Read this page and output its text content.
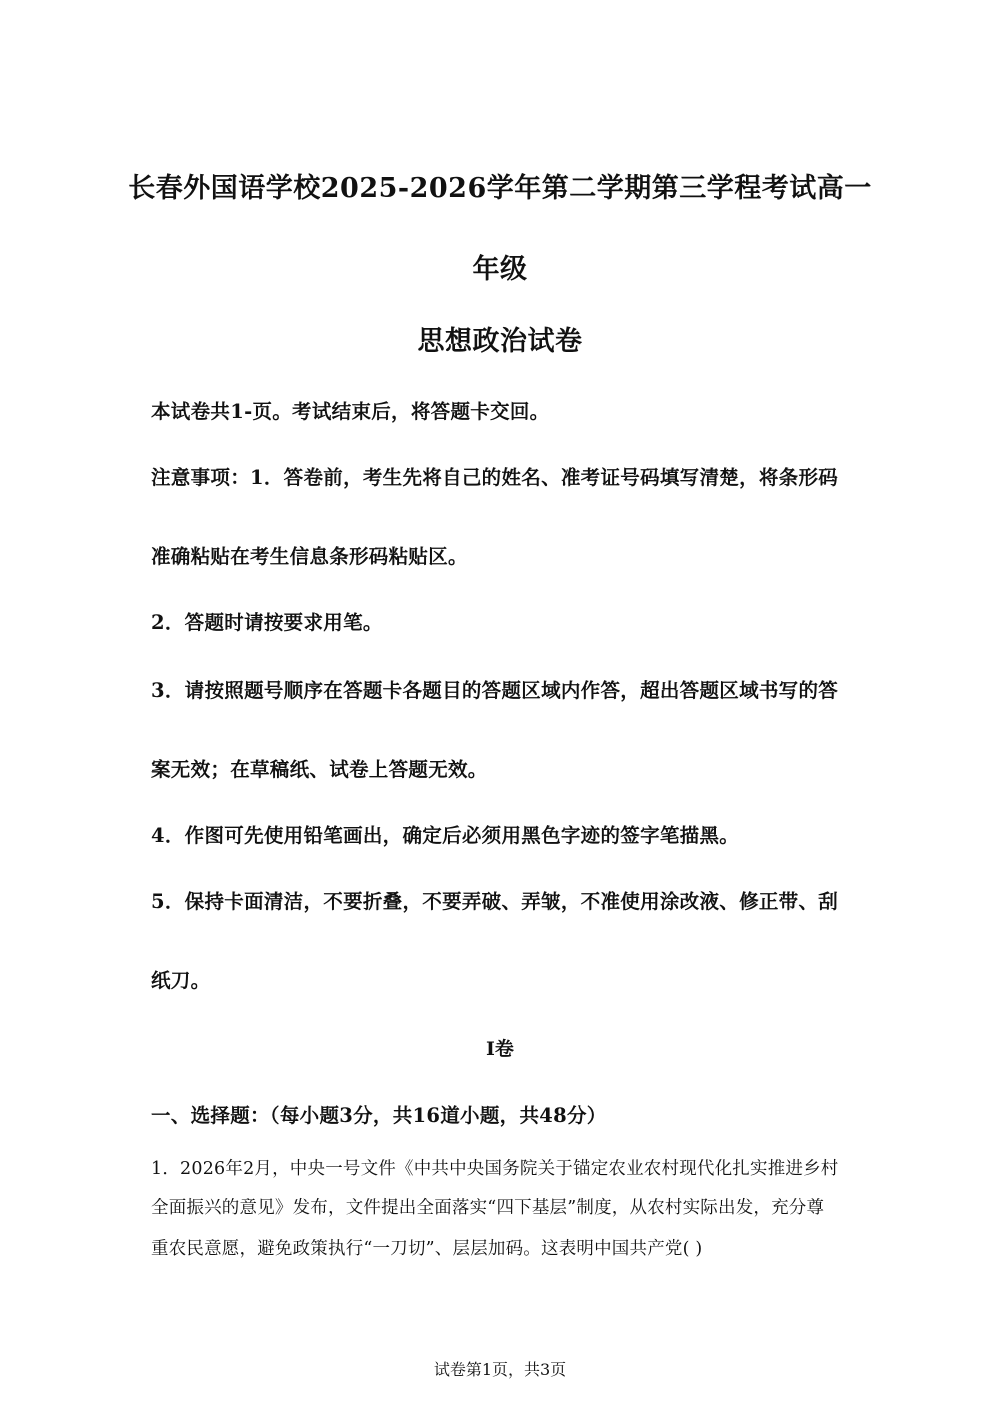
长春外国语学校2025-2026学年第二学期第三学程考试高一
年级
思想政治试卷

本试卷共1-页。考试结束后，将答题卡交回。

注意事项：1．答卷前，考生先将自己的姓名、准考证号码填写清楚，将条形码

准确粘贴在考生信息条形码粘贴区。

2．答题时请按要求用笔。

3．请按照题号顺序在答题卡各题目的答题区域内作答，超出答题区域书写的答

案无效；在草稿纸、试卷上答题无效。

4．作图可先使用铅笔画出，确定后必须用黑色字迹的签字笔描黑。

5．保持卡面清洁，不要折叠，不要弄破、弄皱，不准使用涂改液、修正带、刮

纸刀。

I卷

一、选择题：（每小题3分，共16道小题，共48分）

1．2026年2月，中央一号文件《中共中央国务院关于锚定农业农村现代化扎实推进乡村

全面振兴的意见》发布，文件提出全面落实“四下基层”制度，从农村实际出发，充分尊

重农民意愿，避免政策执行“一刀切”、层层加码。这表明中国共产党( )

试卷第1页，共3页
